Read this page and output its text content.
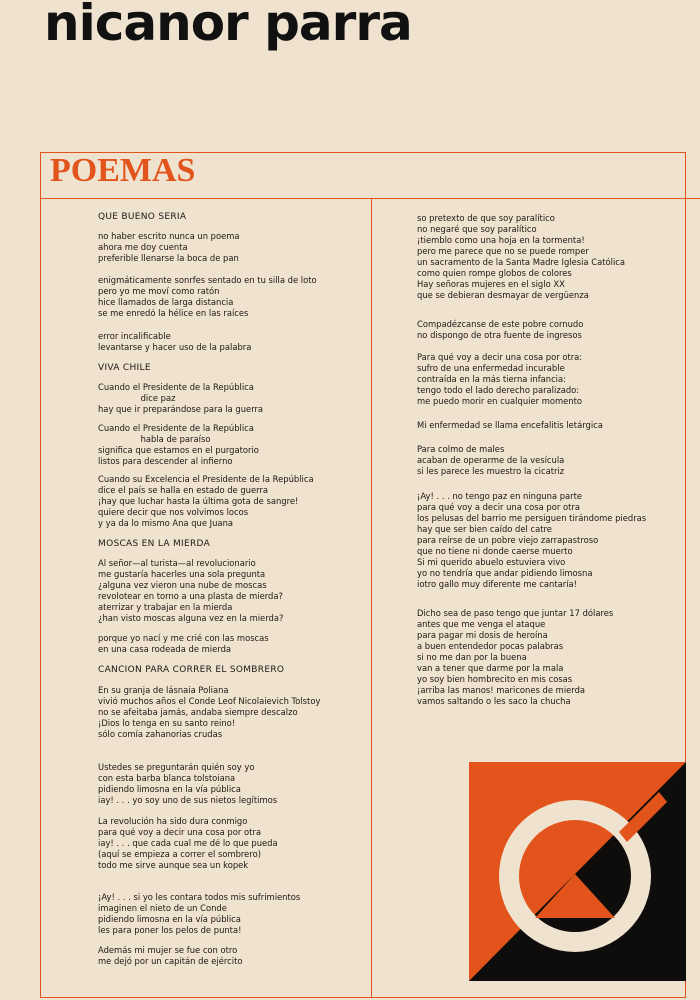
nicanor parra
POEMAS
QUE BUENO SERIA
no haber escrito nunca un poema
ahora me doy cuenta
preferible llenarse la boca de pan
enigmáticamente sonrfes sentado en tu silla de loto
pero yo me moví como ratón
hice llamados de larga distancia
se me enredó la hélice en las raíces
error incalificable
levantarse y hacer uso de la palabra
VIVA CHILE
Cuando el Presidente de la República
dice paz
hay que ir preparándose para la guerra
Cuando el Presidente de la República
habla de paraíso
significa que estamos en el purgatorio
listos para descender al infierno
Cuando su Excelencia el Presidente de la República
dice el país se halla en estado de guerra
¡hay que luchar hasta la última gota de sangre!
quiere decir que nos volvimos locos
y ya da lo mismo Ana que Juana
MOSCAS EN LA MIERDA
Al señor—al turista—al revolucionario
me gustaría hacerles una sola pregunta
¿alguna vez vieron una nube de moscas
revolotear en torno a una plasta de mierda?
aterrizar y trabajar en la mierda
¿han visto moscas alguna vez en la mierda?
porque yo nací y me crié con las moscas
en una casa rodeada de mierda
CANCION PARA CORRER EL SOMBRERO
En su granja de lásnaia Poliana
vivió muchos años el Conde Leof Nicolaievich Tolstoy
no se afeitaba jamás, andaba siempre descalzo
¡Dios lo tenga en su santo reino!
sólo comía zahanorias crudas
Ustedes se preguntarán quién soy yo
con esta barba blanca tolstoiana
pidiendo limosna en la vía pública
iay! . . . yo soy uno de sus nietos legítimos
La revolución ha sido dura conmigo
para qué voy a decir una cosa por otra
iay! . . . que cada cual me dé lo que pueda
(aquí se empieza a correr el sombrero)
todo me sirve aunque sea un kopek
¡Ay! . . . si yo les contara todos mis sufrimientos
imaginen el nieto de un Conde
pidiendo limosna en la vía pública
les para poner los pelos de punta!
Además mi mujer se fue con otro
me dejó por un capitán de ejército
so pretexto de que soy paralítico
no negaré que soy paralítico
¡tiemblo como una hoja en la tormenta!
pero me parece que no se puede romper
un sacramento de la Santa Madre Iglesia Católica
como quien rompe globos de colores
Hay señoras mujeres en el siglo XX
que se debieran desmayar de vergüenza
Compadézcanse de este pobre cornudo
no dispongo de otra fuente de ingresos
Para qué voy a decir una cosa por otra:
sufro de una enfermedad incurable
contraída en la más tierna infancia:
tengo todo el lado derecho paralizado:
me puedo morir en cualquier momento
Mi enfermedad se llama encefalitis letárgica
Para colmo de males
acaban de operarme de la vesícula
si les parece les muestro la cicatriz
¡Ay! . . . no tengo paz en ninguna parte
para qué voy a decir una cosa por otra
los pelusas del barrio me persiguen tirándome piedras
hay que ser bien caído del catre
para reírse de un pobre viejo zarrapastroso
que no tiene ni donde caerse muerto
Si mi querido abuelo estuviera vivo
yo no tendría que andar pidiendo limosna
iotro gallo muy diferente me cantaría!
Dicho sea de paso tengo que juntar 17 dólares
antes que me venga el ataque
para pagar mi dosis de heroína
a buen entendedor pocas palabras
si no me dan por la buena
van a tener que darme por la mala
yo soy bien hombrecito en mis cosas
¡arriba las manos! maricones de mierda
vamos saltando o les saco la chucha
